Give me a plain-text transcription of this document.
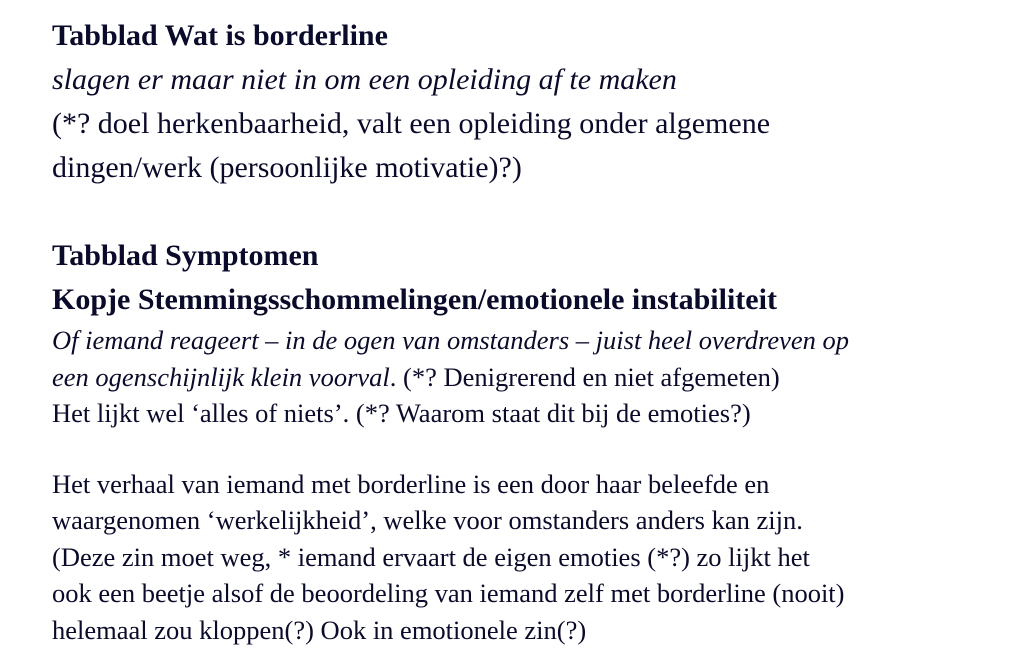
Tabblad Wat is borderline
slagen er maar niet in om een opleiding af te maken
(*? doel herkenbaarheid, valt een opleiding onder algemene
dingen/werk (persoonlijke motivatie)?)
Tabblad Symptomen
Kopje Stemmingsschommelingen/emotionele instabiliteit
Of iemand reageert – in de ogen van omstanders – juist heel overdreven op
een ogenschijnlijk klein voorval. (*? Denigrerend en niet afgemeten)
Het lijkt wel ‘alles of niets’. (*? Waarom staat dit bij de emoties?)
Het verhaal van iemand met borderline is een door haar beleefde en
waargenomen ‘werkelijkheid’, welke voor omstanders anders kan zijn.
(Deze zin moet weg, * iemand ervaart de eigen emoties (*?) zo lijkt het
ook een beetje alsof de beoordeling van iemand zelf met borderline (nooit)
helemaal zou kloppen(?) Ook in emotionele zin(?)
